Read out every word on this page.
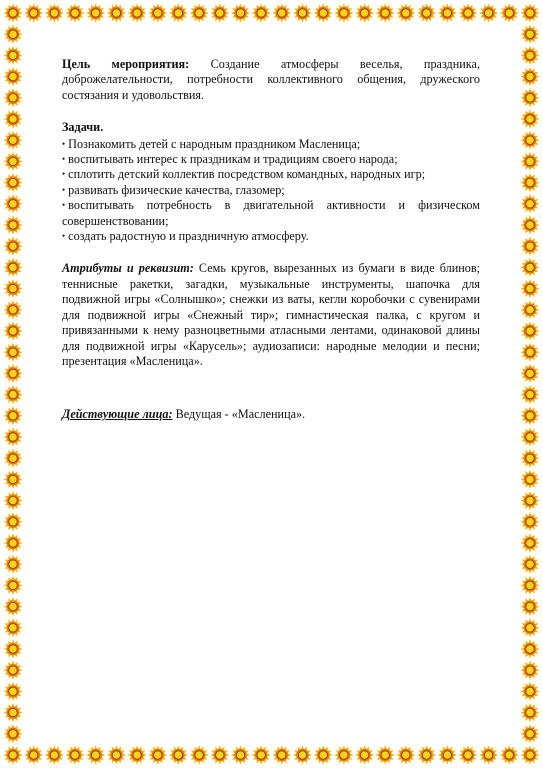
Цель мероприятия: Создание атмосферы веселья, праздника, доброжелательности, потребности коллективного общения, дружеского состязания и удовольствия.

Задачи.

• Познакомить детей с народным праздником Масленица;
• воспитывать интерес к праздникам и традициям своего народа;
• сплотить детский коллектив посредством командных, народных игр;
• развивать физические качества, глазомер;
• воспитывать потребность в двигательной активности и физическом совершенствовании;
• создать радостную и праздничную атмосферу.

Атрибуты и реквизит: Семь кругов, вырезанных из бумаги в виде блинов; теннисные ракетки, загадки, музыкальные инструменты, шапочка для подвижной игры «Солнышко»; снежки из ваты, кегли коробочки с сувенирами для подвижной игры «Снежный тир»; гимнастическая палка, с кругом и привязанными к нему разноцветными атласными лентами, одинаковой длины для подвижной игры «Карусель»; аудиозаписи: народные мелодии и песни; презентация «Масленица».

Действующие лица: Ведущая - «Масленица».
